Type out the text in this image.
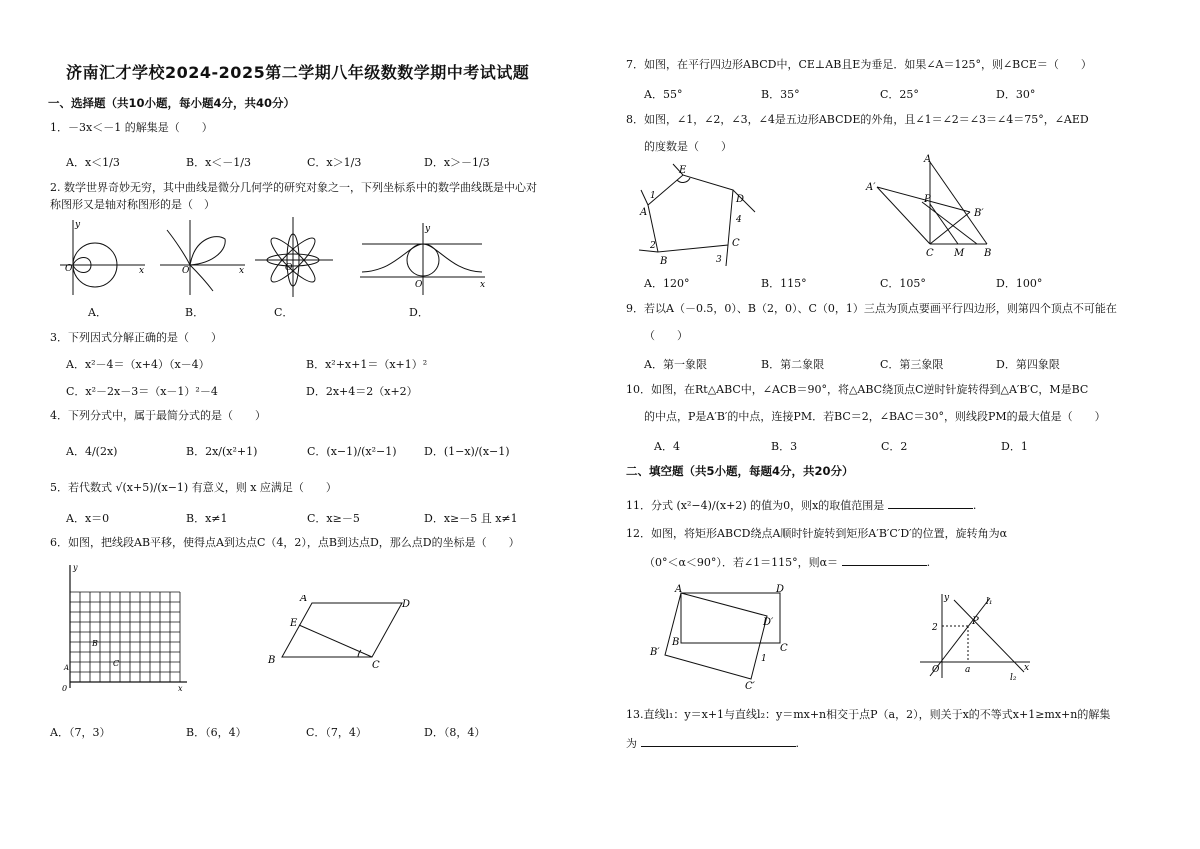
济南汇才学校2024-2025第二学期八年级数数学期中考试试题
一、选择题（共10小题，每小题4分，共40分）
1．－3x＜－1 的解集是（　　）
A．x＜1/3	B．x＜－1/3	C．x＞1/3	D．x＞－1/3
2. 数学世界奇妙无穷，其中曲线是微分几何学的研究对象之一，下列坐标系中的数学曲线既是中心对
称图形又是轴对称图形的是（　）
O	x
y
O	x	O
O
y
x
A．	B．	C．	D．
3．下列因式分解正确的是（　　）
A．x²－4＝（x+4）（x－4）	B．x²+x+1＝（x+1）²
C．x²－2x－3＝（x－1）²－4	D．2x+4＝2（x+2）
4．下列分式中，属于最简分式的是（　　）
A．4/(2x)	B．2x/(x²+1)	C．(x−1)/(x²−1)	D．(1−x)/(x−1)
5．若代数式 √(x+5)/(x−1) 有意义，则 x 应满足（　　）
A．x＝0	B．x≠1	C．x≥－5	D．x≥－5 且 x≠1
6．如图，把线段AB平移，使得点A到达点C（4，2），点B到达点D，那么点D的坐标是（　　）
y
x
0
A
B
C
A
E
B	C
D
A．（7，3）	B．（6，4）	C．（7，4）	D．（8，4）
7．如图，在平行四边形ABCD中，CE⊥AB且E为垂足．如果∠A＝125°，则∠BCE＝（　　）
A．55°	B．35°	C．25°	D．30°
8．如图，∠1，∠2，∠3，∠4是五边形ABCDE的外角，且∠1＝∠2＝∠3＝∠4＝75°，∠AED
的度数是（　　）
E
A
1	D
4
C
3
2
B
A
A′
P
B′
C M B
A．120°	B．115°	C．105°	D．100°
9．若以A（－0.5，0）、B（2，0）、C（0，1）三点为顶点要画平行四边形，则第四个顶点不可能在
（　　）
A．第一象限	B．第二象限	C．第三象限	D．第四象限
10．如图，在Rt△ABC中，∠ACB＝90°，将△ABC绕顶点C逆时针旋转得到△A′B′C，M是BC
的中点，P是A′B′的中点，连接PM．若BC＝2，∠BAC＝30°，则线段PM的最大值是（　　）
A．4	B．3	C．2	D．1
二、填空题（共5小题，每题4分，共20分）
11．分式 (x²−4)/(x+2) 的值为0，则x的取值范围是	.
12．如图，将矩形ABCD绕点A顺时针旋转到矩形A′B′C′D′的位置，旋转角为α
（0°＜α＜90°）．若∠1＝115°，则α＝	.
A	D
B
C
D′
B′
C′
1
y	l₁
2
P
O	a	x
l₂
13.直线l₁：y＝x+1与直线l₂：y＝mx+n相交于点P（a，2），则关于x的不等式x+1≥mx+n的解集
为	.
